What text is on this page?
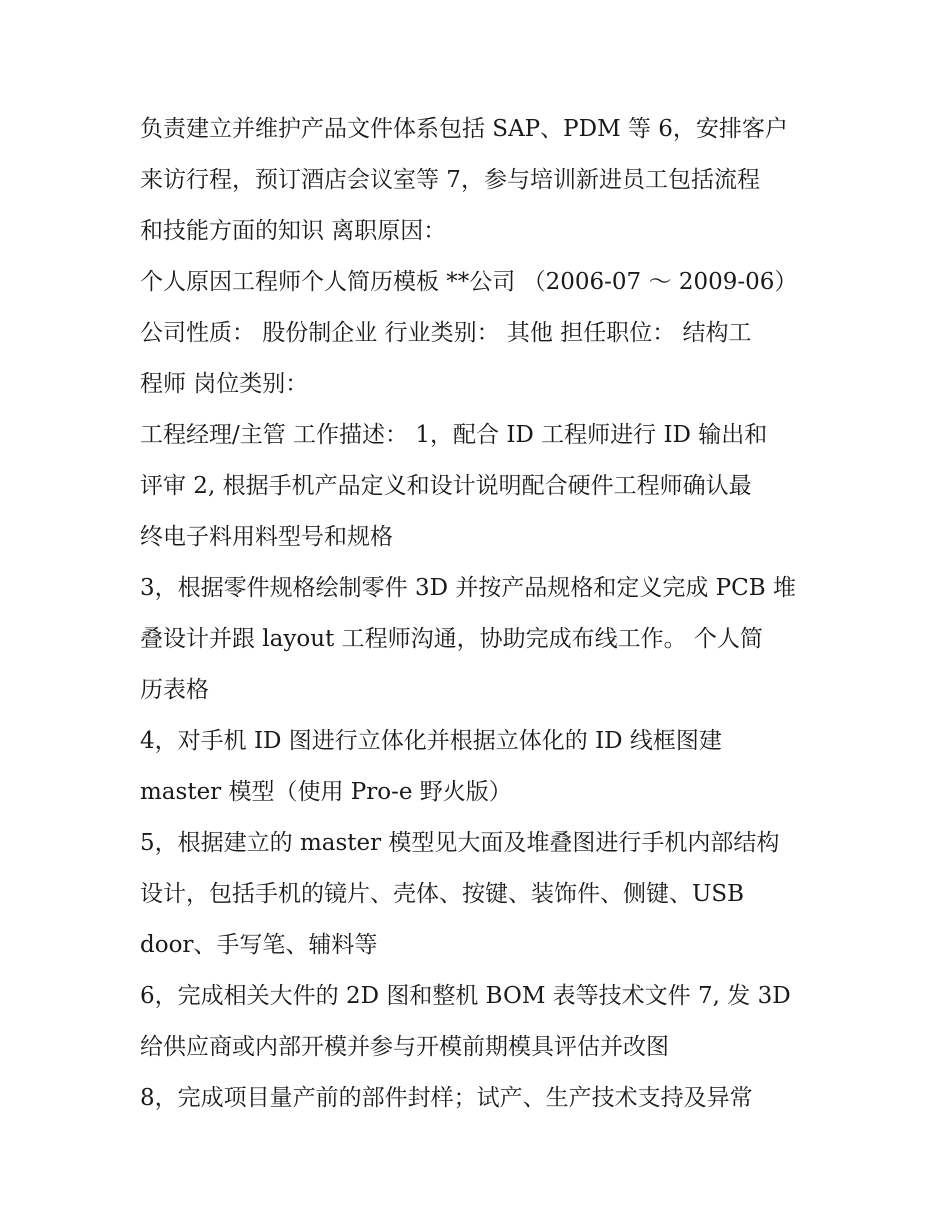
负责建立并维护产品文件体系包括 SAP、PDM 等 6，安排客户
来访行程，预订酒店会议室等 7，参与培训新进员工包括流程
和技能方面的知识 离职原因：
个人原因工程师个人简历模板 **公司 （2006-07 ～ 2009-06）
公司性质： 股份制企业 行业类别： 其他 担任职位： 结构工
程师 岗位类别：
工程经理/主管 工作描述： 1，配合 ID 工程师进行 ID 输出和
评审 2, 根据手机产品定义和设计说明配合硬件工程师确认最
终电子料用料型号和规格
3，根据零件规格绘制零件 3D 并按产品规格和定义完成 PCB 堆
叠设计并跟 layout 工程师沟通，协助完成布线工作。 个人简
历表格
4，对手机 ID 图进行立体化并根据立体化的 ID 线框图建
master 模型（使用 Pro-e 野火版）
5，根据建立的 master 模型见大面及堆叠图进行手机内部结构
设计，包括手机的镜片、壳体、按键、装饰件、侧键、USB
door、手写笔、辅料等
6，完成相关大件的 2D 图和整机 BOM 表等技术文件 7, 发 3D
给供应商或内部开模并参与开模前期模具评估并改图
8，完成项目量产前的部件封样；试产、生产技术支持及异常
